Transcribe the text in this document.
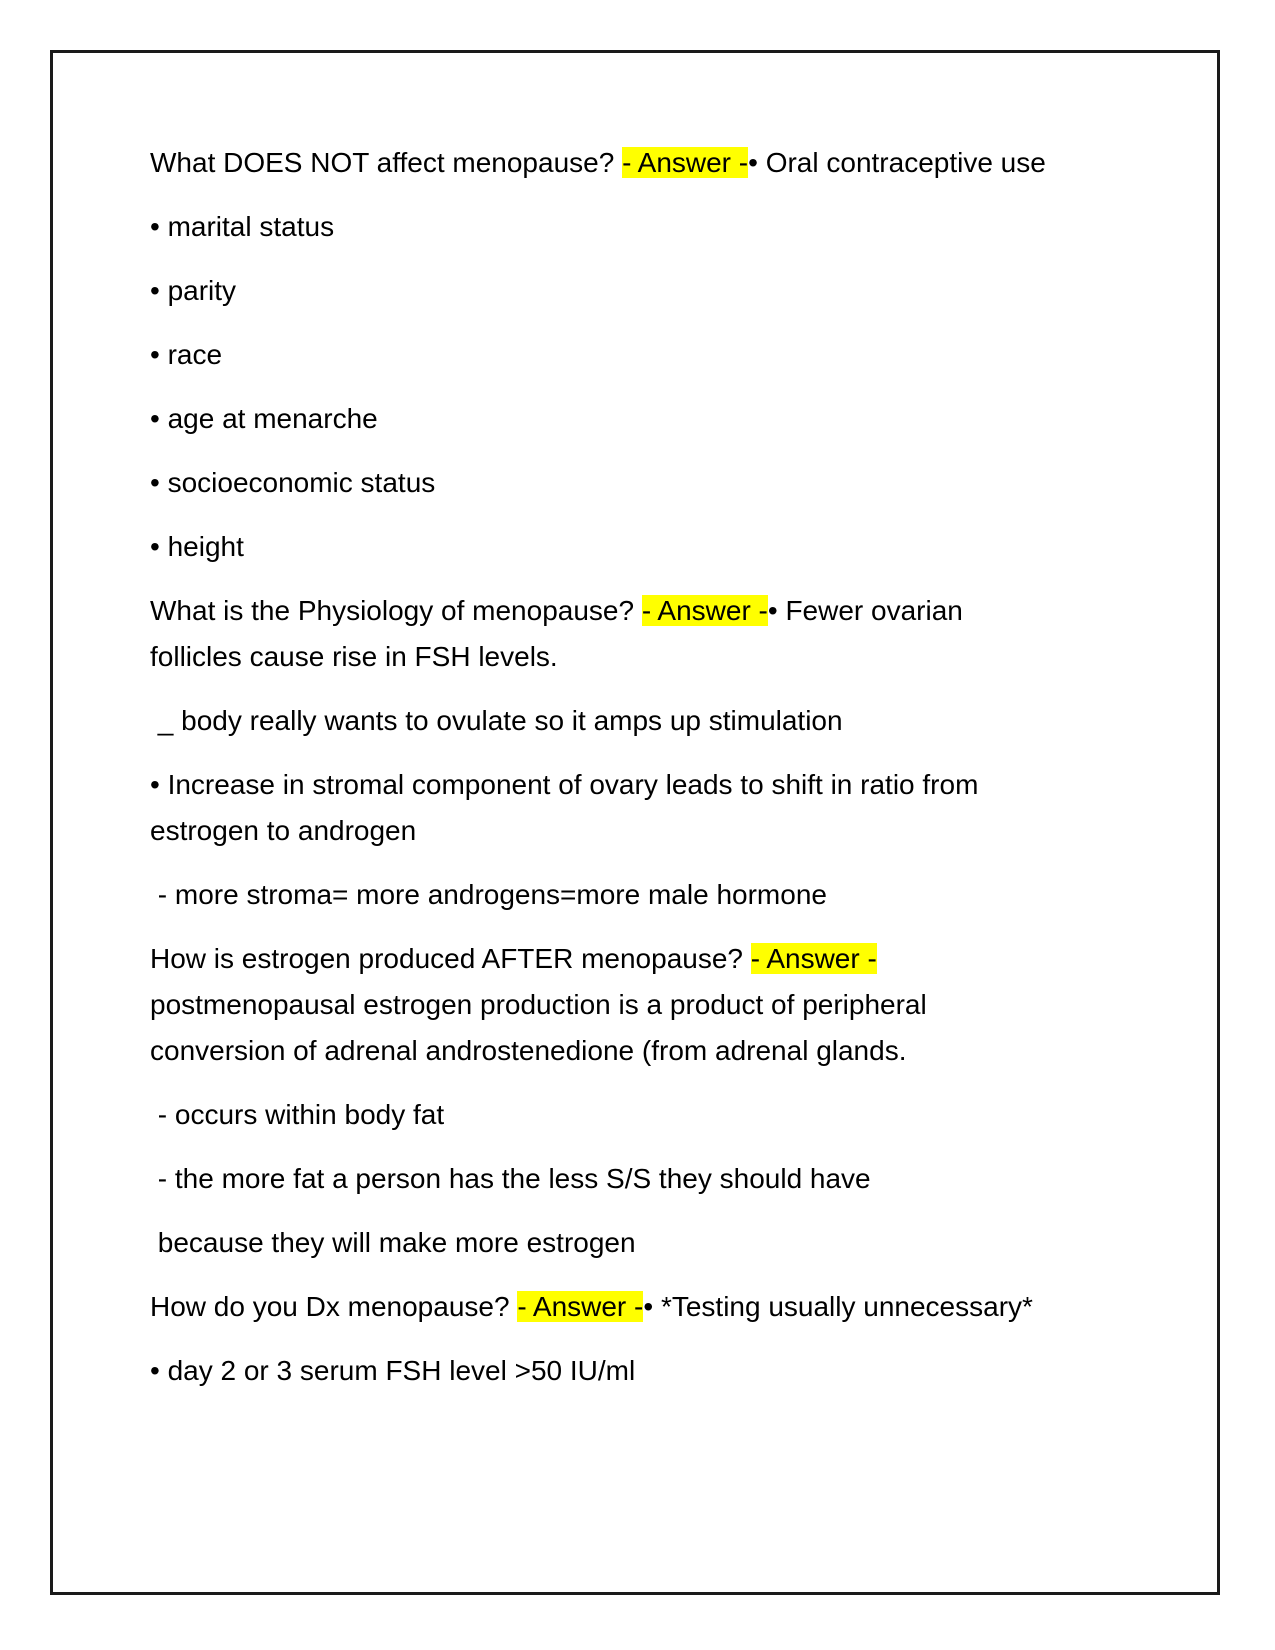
What DOES NOT affect menopause? - Answer -• Oral contraceptive use
• marital status
• parity
• race
• age at menarche
• socioeconomic status
• height
What is the Physiology of menopause? - Answer -• Fewer ovarian
follicles cause rise in FSH levels.
_ body really wants to ovulate so it amps up stimulation
• Increase in stromal component of ovary leads to shift in ratio from
estrogen to androgen
- more stroma= more androgens=more male hormone
How is estrogen produced AFTER menopause? - Answer -
postmenopausal estrogen production is a product of peripheral
conversion of adrenal androstenedione (from adrenal glands.
- occurs within body fat
- the more fat a person has the less S/S they should have
because they will make more estrogen
How do you Dx menopause? - Answer -• *Testing usually unnecessary*
• day 2 or 3 serum FSH level >50 IU/ml
